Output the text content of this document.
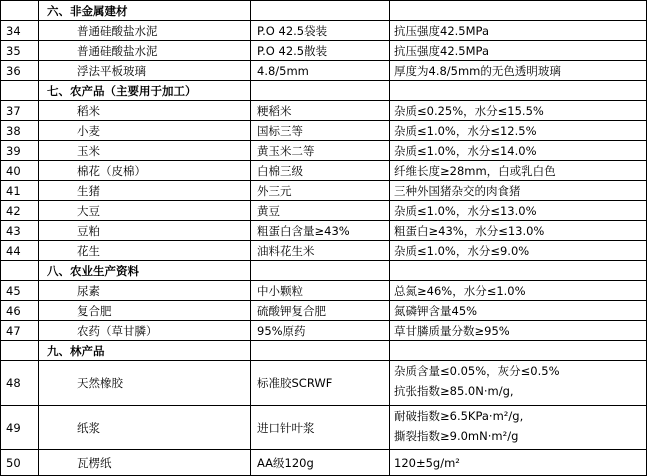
	六、非金属建材		
34	普通硅酸盐水泥	P.O 42.5袋装	抗压强度42.5MPa
35	普通硅酸盐水泥	P.O 42.5散装	抗压强度42.5MPa
36	浮法平板玻璃	4.8/5mm	厚度为4.8/5mm的无色透明玻璃
	七、农产品（主要用于加工）		
37	稻米	粳稻米	杂质≤0.25%，水分≤15.5%
38	小麦	国标三等	杂质≤1.0%，水分≤12.5%
39	玉米	黄玉米二等	杂质≤1.0%，水分≤14.0%
40	棉花（皮棉）	白棉三级	纤维长度≥28mm，白或乳白色
41	生猪	外三元	三种外国猪杂交的肉食猪
42	大豆	黄豆	杂质≤1.0%，水分≤13.0%
43	豆粕	粗蛋白含量≥43%	粗蛋白≥43%，水分≤13.0%
44	花生	油料花生米	杂质≤1.0%，水分≤9.0%
	八、农业生产资料		
45	尿素	中小颗粒	总氮≥46%，水分≤1.0%
46	复合肥	硫酸钾复合肥	氮磷钾含量45%
47	农药（草甘膦）	95%原药	草甘膦质量分数≥95%
	九、林产品		
48	天然橡胶	标准胶SCRWF	杂质含量≤0.05%，灰分≤0.5%
抗张指数≥85.0N·m/g,

49	纸浆	进口针叶浆	耐破指数≥6.5KPa·m²/g,
撕裂指数≥9.0mN·m²/g

50	瓦楞纸	AA级120g	120±5g/m²
